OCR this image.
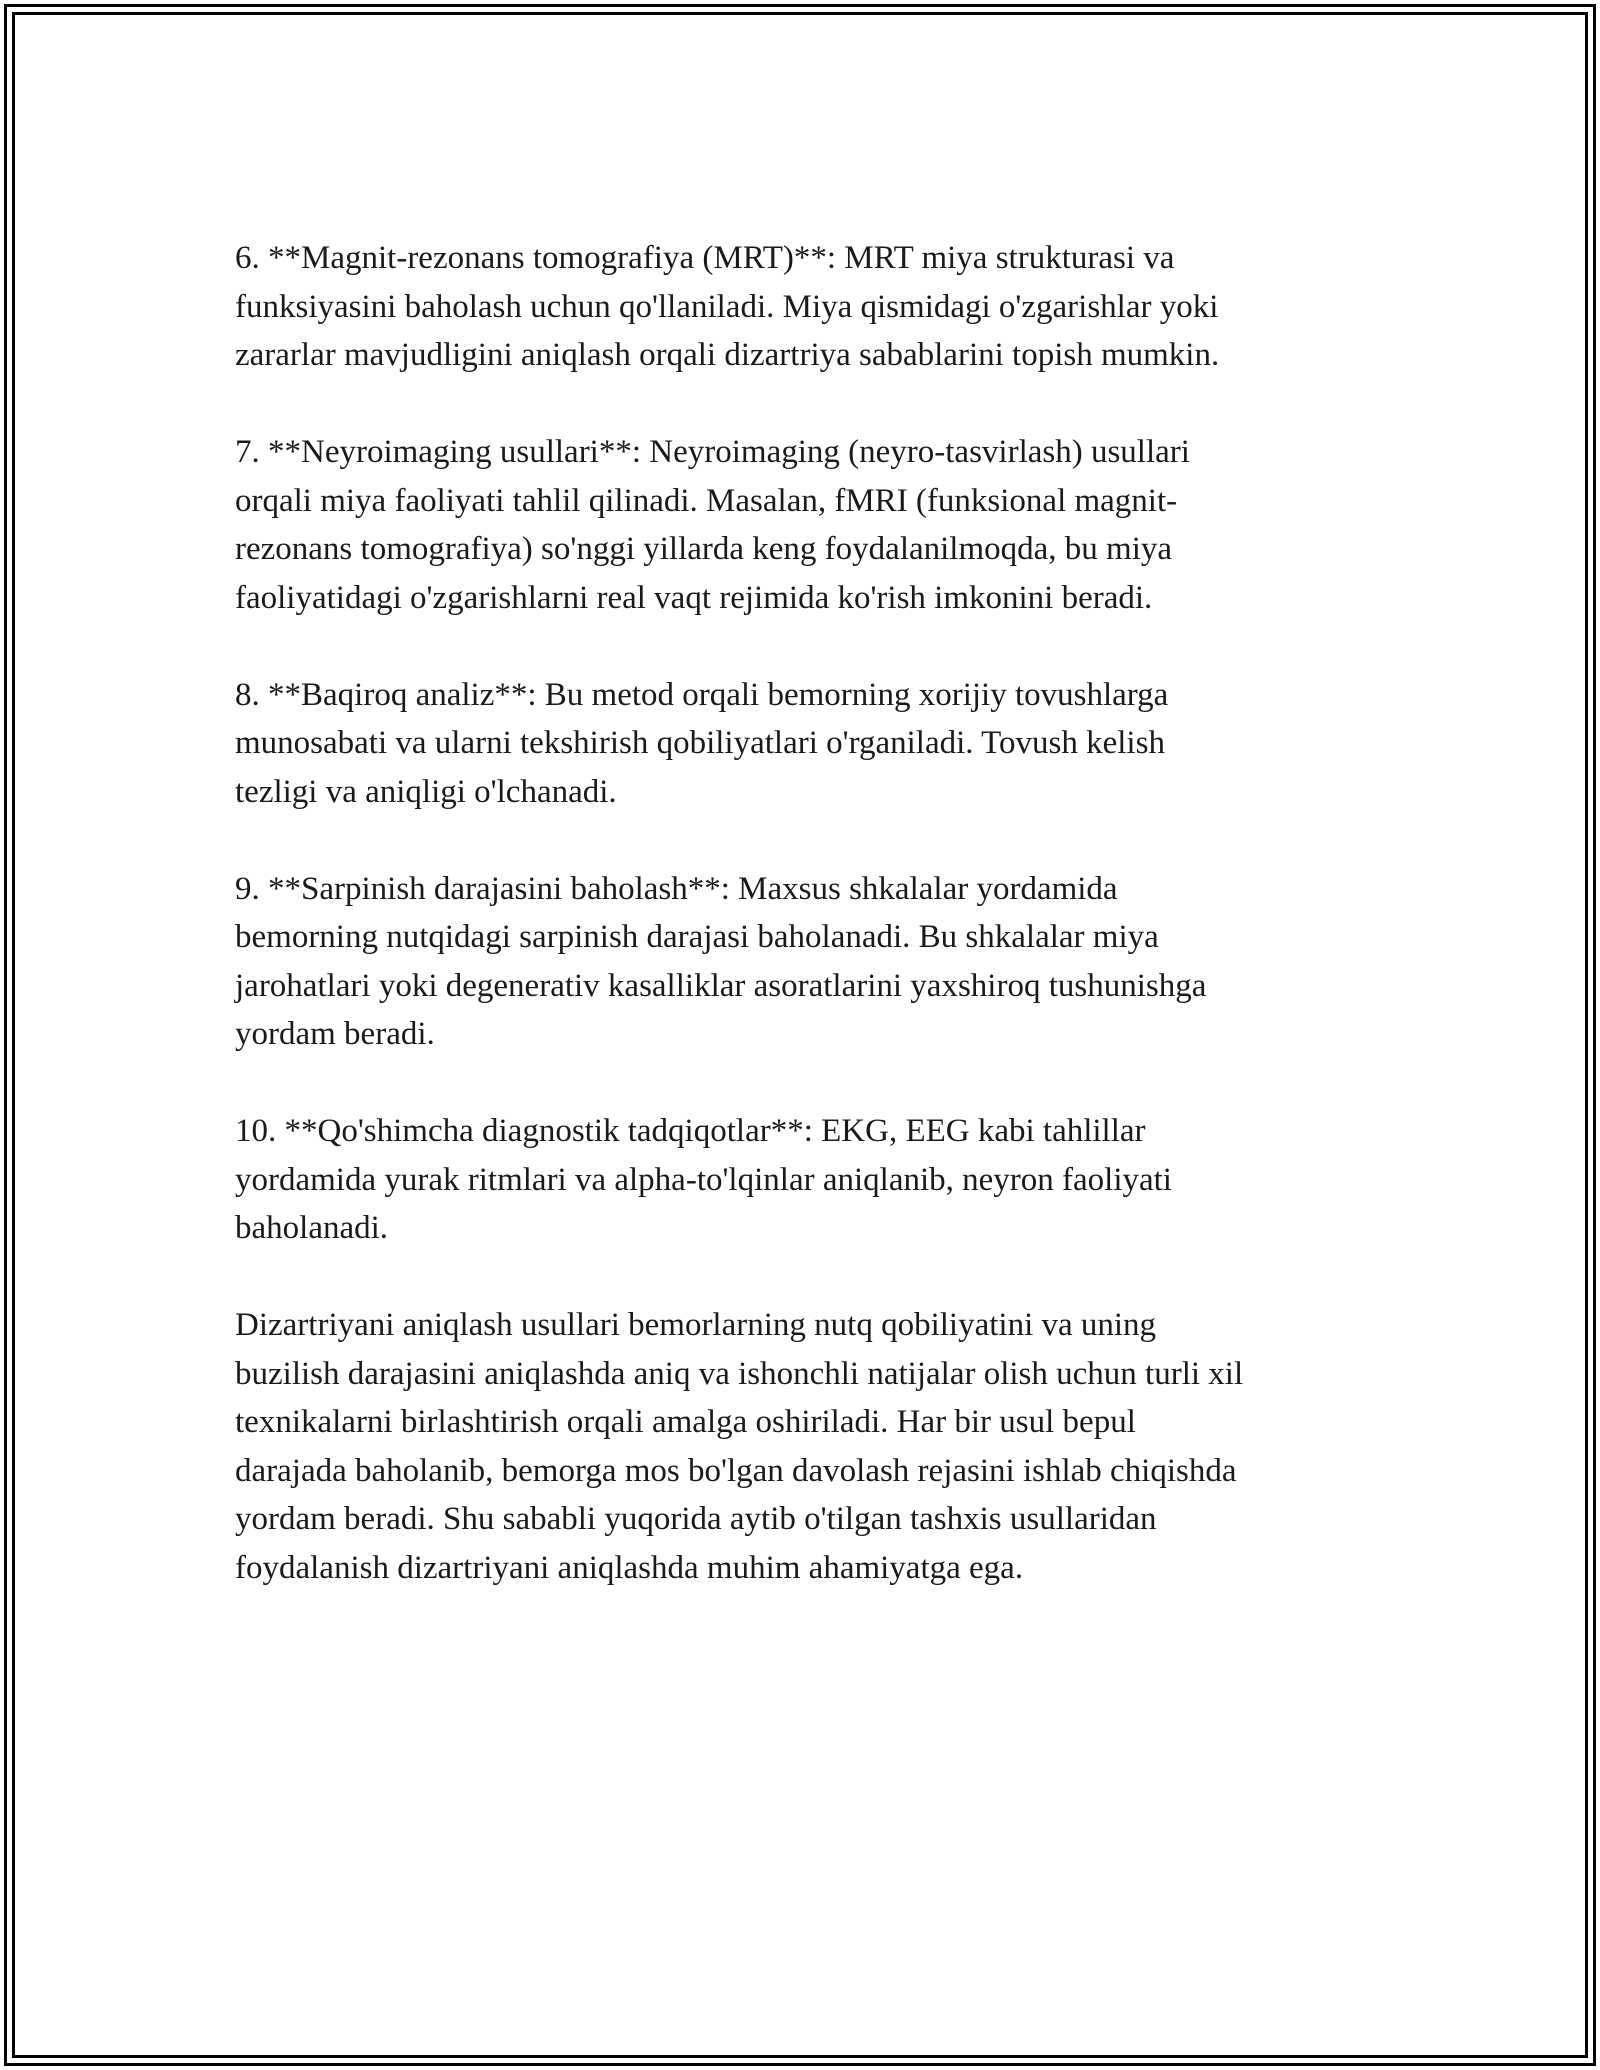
6. **Magnit-rezonans tomografiya (MRT)**: MRT miya strukturasi va
funksiyasini baholash uchun qo'llaniladi. Miya qismidagi o'zgarishlar yoki
zararlar mavjudligini aniqlash orqali dizartriya sabablarini topish mumkin.

7. **Neyroimaging usullari**: Neyroimaging (neyro-tasvirlash) usullari
orqali miya faoliyati tahlil qilinadi. Masalan, fMRI (funksional magnit-
rezonans tomografiya) so'nggi yillarda keng foydalanilmoqda, bu miya
faoliyatidagi o'zgarishlarni real vaqt rejimida ko'rish imkonini beradi.

8. **Baqiroq analiz**: Bu metod orqali bemorning xorijiy tovushlarga
munosabati va ularni tekshirish qobiliyatlari o'rganiladi. Tovush kelish
tezligi va aniqligi o'lchanadi.

9. **Sarpinish darajasini baholash**: Maxsus shkalalar yordamida
bemorning nutqidagi sarpinish darajasi baholanadi. Bu shkalalar miya
jarohatlari yoki degenerativ kasalliklar asoratlarini yaxshiroq tushunishga
yordam beradi.

10. **Qo'shimcha diagnostik tadqiqotlar**: EKG, EEG kabi tahlillar
yordamida yurak ritmlari va alpha-to'lqinlar aniqlanib, neyron faoliyati
baholanadi.

Dizartriyani aniqlash usullari bemorlarning nutq qobiliyatini va uning
buzilish darajasini aniqlashda aniq va ishonchli natijalar olish uchun turli xil
texnikalarni birlashtirish orqali amalga oshiriladi. Har bir usul bepul
darajada baholanib, bemorga mos bo'lgan davolash rejasini ishlab chiqishda
yordam beradi. Shu sababli yuqorida aytib o'tilgan tashxis usullaridan
foydalanish dizartriyani aniqlashda muhim ahamiyatga ega.
